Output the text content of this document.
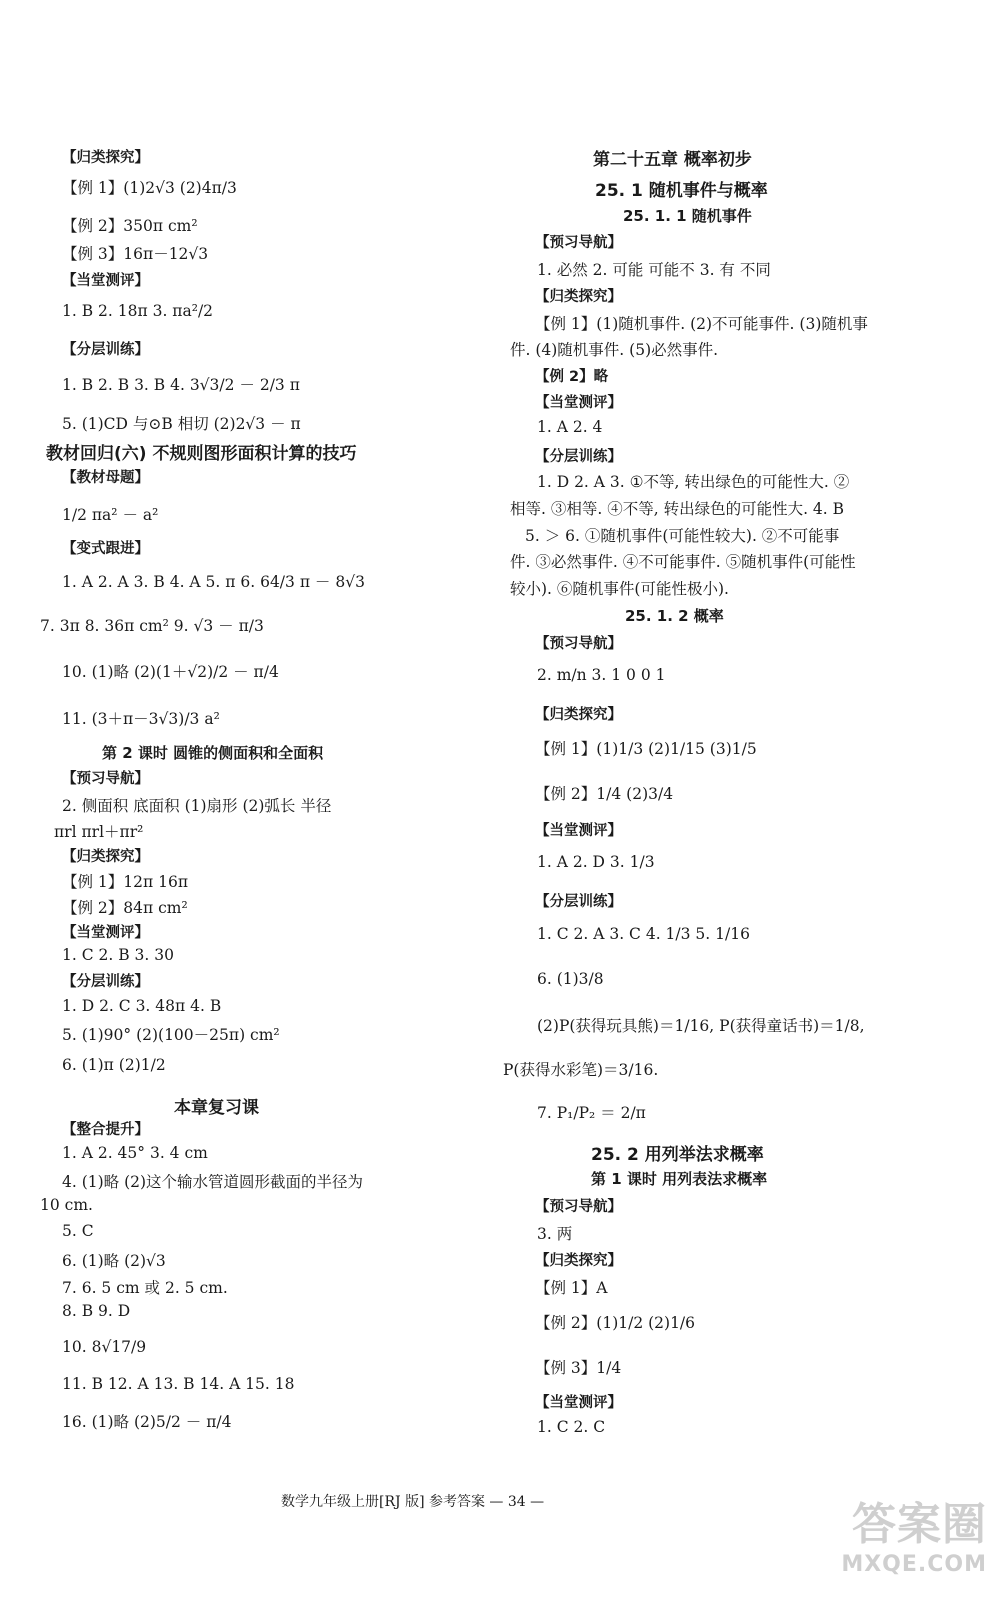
【归类探究】
【例 1】(1)2√3 (2)4π/3
【例 2】350π cm²
【例 3】16π－12√3
【当堂测评】
1. B 2. 18π 3. πa²/2
【分层训练】
1. B 2. B 3. B 4. 3√3/2 － 2/3 π
5. (1)CD 与⊙B 相切 (2)2√3 － π
教材回归(六) 不规则图形面积计算的技巧
【教材母题】
1/2 πa² － a²
【变式跟进】
1. A 2. A 3. B 4. A 5. π 6. 64/3 π － 8√3
7. 3π 8. 36π cm² 9. √3 － π/3
10. (1)略 (2)(1＋√2)/2 － π/4
11. (3＋π－3√3)/3 a²
第 2 课时 圆锥的侧面积和全面积
【预习导航】
2. 侧面积 底面积 (1)扇形 (2)弧长 半径
πrl πrl＋πr²
【归类探究】
【例 1】12π 16π
【例 2】84π cm²
【当堂测评】
1. C 2. B 3. 30
【分层训练】
1. D 2. C 3. 48π 4. B
5. (1)90° (2)(100－25π) cm²
6. (1)π (2)1/2
本章复习课
【整合提升】
1. A 2. 45° 3. 4 cm
4. (1)略 (2)这个输水管道圆形截面的半径为
10 cm.
5. C
6. (1)略 (2)√3
7. 6. 5 cm 或 2. 5 cm.
8. B 9. D
10. 8√17/9
11. B 12. A 13. B 14. A 15. 18
16. (1)略 (2)5/2 － π/4
第二十五章 概率初步
25. 1 随机事件与概率
25. 1. 1 随机事件
【预习导航】
1. 必然 2. 可能 可能不 3. 有 不同
【归类探究】
【例 1】(1)随机事件. (2)不可能事件. (3)随机事
件. (4)随机事件. (5)必然事件.
【例 2】略
【当堂测评】
1. A 2. 4
【分层训练】
1. D 2. A 3. ①不等, 转出绿色的可能性大. ②
相等. ③相等. ④不等, 转出绿色的可能性大. 4. B
5. ＞ 6. ①随机事件(可能性较大). ②不可能事
件. ③必然事件. ④不可能事件. ⑤随机事件(可能性
较小). ⑥随机事件(可能性极小).
25. 1. 2 概率
【预习导航】
2. m/n 3. 1 0 0 1
【归类探究】
【例 1】(1)1/3 (2)1/15 (3)1/5
【例 2】1/4 (2)3/4
【当堂测评】
1. A 2. D 3. 1/3
【分层训练】
1. C 2. A 3. C 4. 1/3 5. 1/16
6. (1)3/8
(2)P(获得玩具熊)＝1/16, P(获得童话书)＝1/8,
P(获得水彩笔)＝3/16.
7. P₁/P₂ ＝ 2/π
25. 2 用列举法求概率
第 1 课时 用列表法求概率
【预习导航】
3. 两
【归类探究】
【例 1】A
【例 2】(1)1/2 (2)1/6
【例 3】1/4
【当堂测评】
1. C 2. C
数学九年级上册[RJ 版] 参考答案 — 34 —	答案圈
MXQE.COM
